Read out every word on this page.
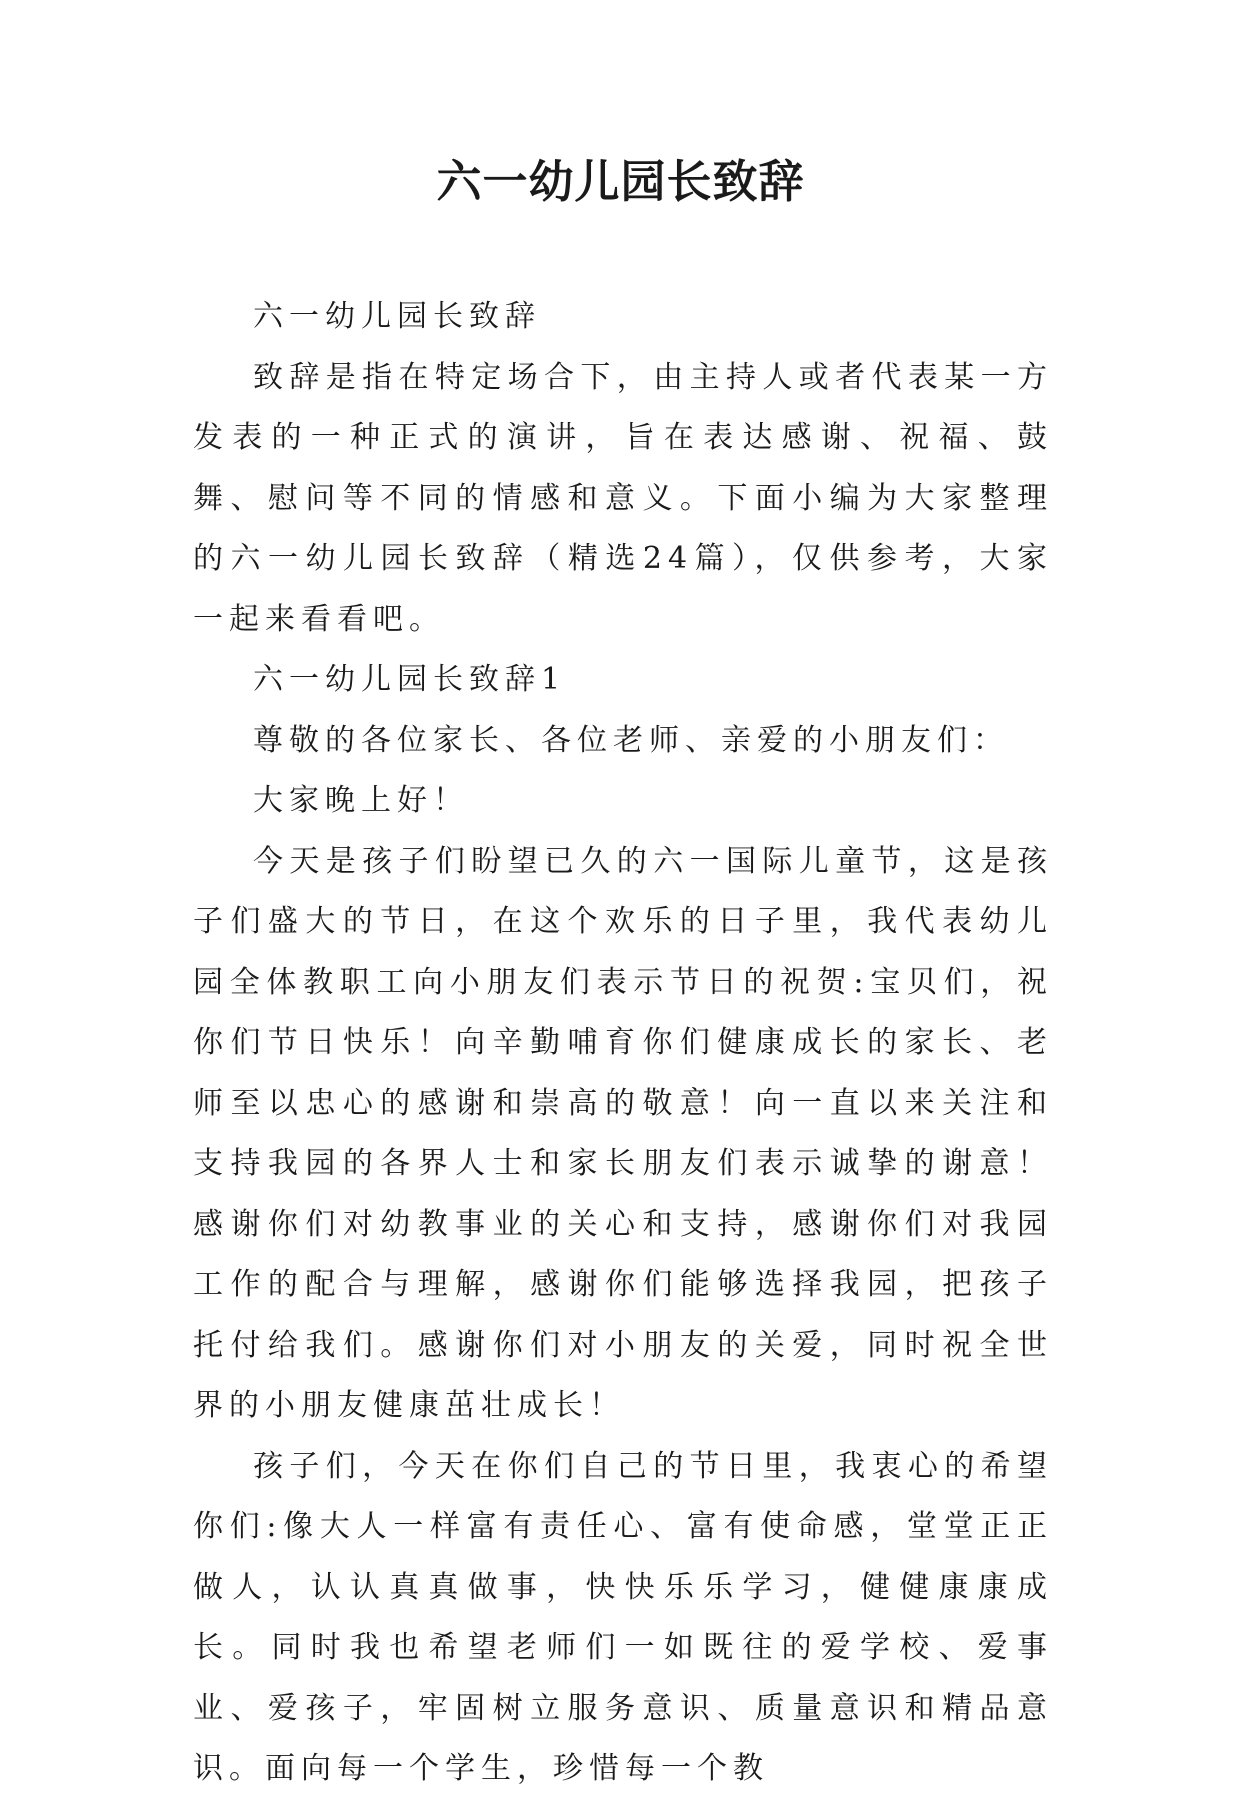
六一幼儿园长致辞

六一幼儿园长致辞

致辞是指在特定场合下，由主持人或者代表某一方发表的一种正式的演讲，旨在表达感谢、祝福、鼓舞、慰问等不同的情感和意义。下面小编为大家整理的六一幼儿园长致辞（精选24篇），仅供参考，大家一起来看看吧。

六一幼儿园长致辞1

尊敬的各位家长、各位老师、亲爱的小朋友们：

大家晚上好！

今天是孩子们盼望已久的六一国际儿童节，这是孩子们盛大的节日，在这个欢乐的日子里，我代表幼儿园全体教职工向小朋友们表示节日的祝贺:宝贝们，祝你们节日快乐！向辛勤哺育你们健康成长的家长、老师至以忠心的感谢和崇高的敬意！向一直以来关注和支持我园的各界人士和家长朋友们表示诚挚的谢意！感谢你们对幼教事业的关心和支持，感谢你们对我园工作的配合与理解，感谢你们能够选择我园，把孩子托付给我们。感谢你们对小朋友的关爱，同时祝全世界的小朋友健康茁壮成长！

孩子们，今天在你们自己的节日里，我衷心的希望你们:像大人一样富有责任心、富有使命感，堂堂正正做人，认认真真做事，快快乐乐学习，健健康康成长。同时我也希望老师们一如既往的爱学校、爱事业、爱孩子，牢固树立服务意识、质量意识和精品意识。面向每一个学生，珍惜每一个教
